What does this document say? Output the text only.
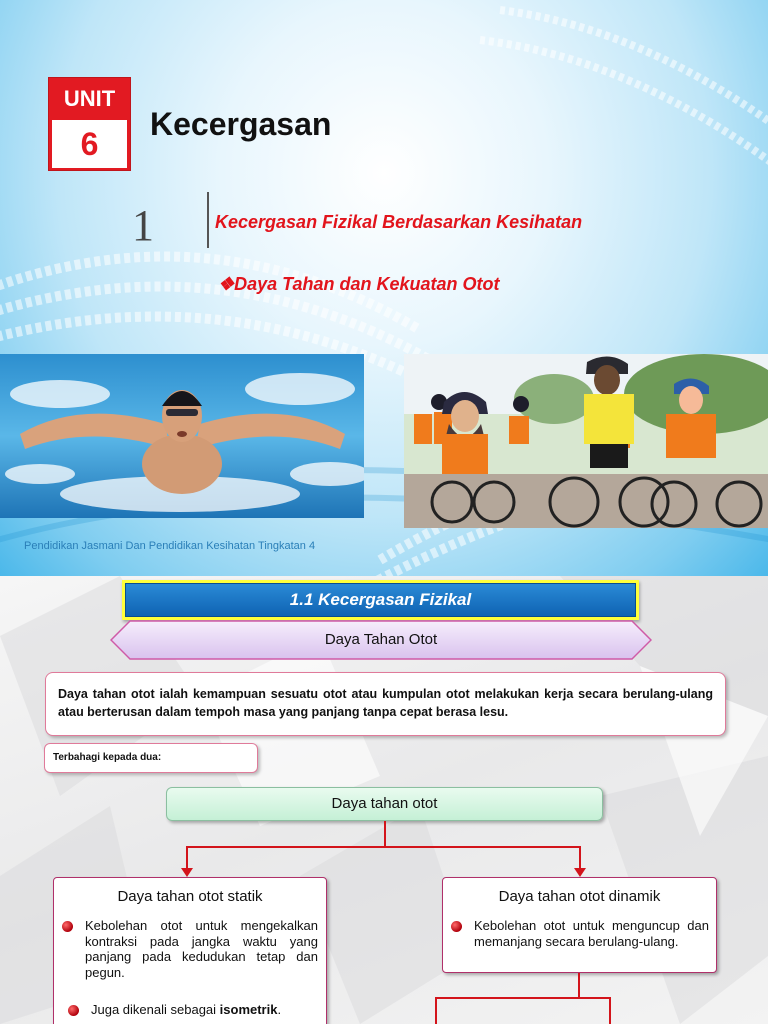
UNIT
6
Kecergasan
1	Kecergasan Fizikal Berdasarkan Kesihatan
❖Daya Tahan dan Kekuatan Otot
Pendidikan Jasmani Dan Pendidikan Kesihatan Tingkatan 4
1.1 Kecergasan Fizikal
Daya Tahan Otot
Daya tahan otot ialah kemampuan sesuatu otot atau kumpulan otot melakukan kerja secara berulang-ulang atau berterusan dalam tempoh masa yang panjang tanpa cepat berasa lesu.
Terbahagi kepada dua:
Daya tahan otot
Daya tahan otot statik
Kebolehan otot untuk mengekalkan kontraksi pada jangka waktu yang panjang pada kedudukan tetap dan pegun.
Juga dikenali sebagai isometrik.
Daya tahan otot dinamik
Kebolehan otot untuk menguncup dan memanjang secara berulang-ulang.
